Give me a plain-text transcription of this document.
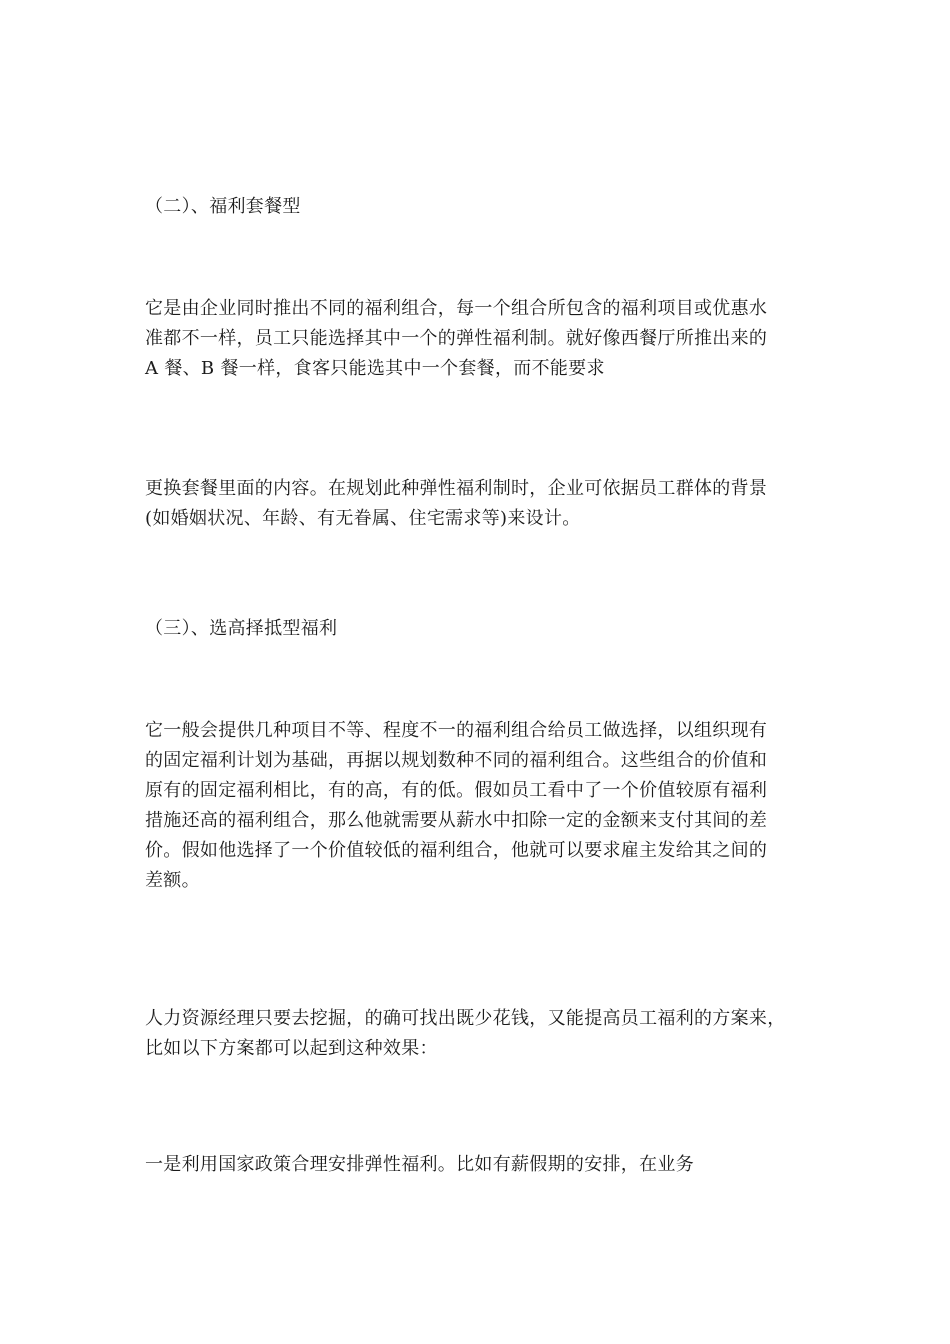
（二）、福利套餐型

它是由企业同时推出不同的福利组合，每一个组合所包含的福利项目或优惠水
准都不一样，员工只能选择其中一个的弹性福利制。就好像西餐厅所推出来的
A 餐、B 餐一样，食客只能选其中一个套餐，而不能要求

更换套餐里面的内容。在规划此种弹性福利制时，企业可依据员工群体的背景
(如婚姻状况、年龄、有无眷属、住宅需求等)来设计。

（三）、选高择抵型福利

它一般会提供几种项目不等、程度不一的福利组合给员工做选择，以组织现有
的固定福利计划为基础，再据以规划数种不同的福利组合。这些组合的价值和
原有的固定福利相比，有的高，有的低。假如员工看中了一个价值较原有福利
措施还高的福利组合，那么他就需要从薪水中扣除一定的金额来支付其间的差
价。假如他选择了一个价值较低的福利组合，他就可以要求雇主发给其之间的
差额。

人力资源经理只要去挖掘，的确可找出既少花钱，又能提高员工福利的方案来，
比如以下方案都可以起到这种效果：

一是利用国家政策合理安排弹性福利。比如有薪假期的安排，在业务
